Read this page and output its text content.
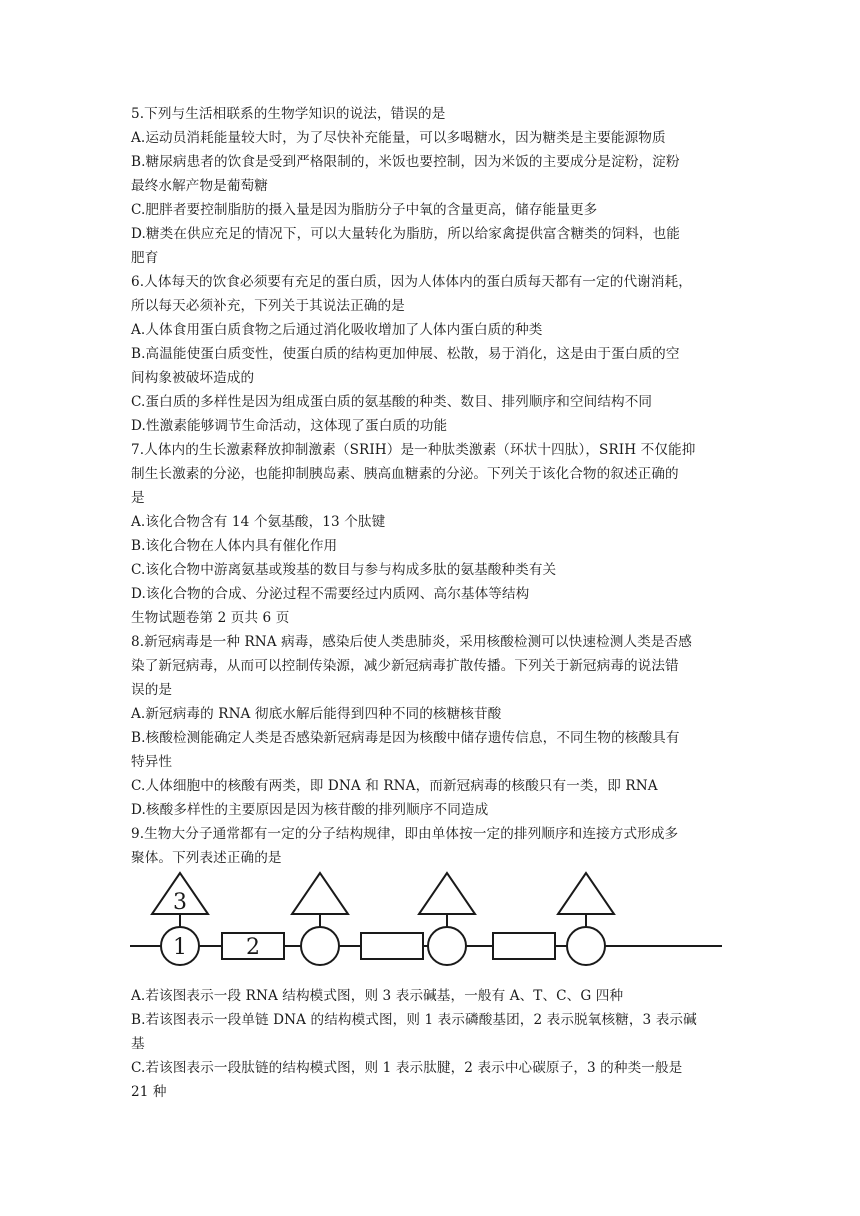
5.下列与生活相联系的生物学知识的说法，错误的是
A.运动员消耗能量较大时，为了尽快补充能量，可以多喝糖水，因为糖类是主要能源物质
B.糖尿病患者的饮食是受到严格限制的，米饭也要控制，因为米饭的主要成分是淀粉，淀粉
最终水解产物是葡萄糖
C.肥胖者要控制脂肪的摄入量是因为脂肪分子中氧的含量更高，储存能量更多
D.糖类在供应充足的情况下，可以大量转化为脂肪，所以给家禽提供富含糖类的饲料，也能
肥育
6.人体每天的饮食必须要有充足的蛋白质，因为人体体内的蛋白质每天都有一定的代谢消耗，
所以每天必须补充，下列关于其说法正确的是
A.人体食用蛋白质食物之后通过消化吸收增加了人体内蛋白质的种类
B.高温能使蛋白质变性，使蛋白质的结构更加伸展、松散，易于消化，这是由于蛋白质的空
间构象被破坏造成的
C.蛋白质的多样性是因为组成蛋白质的氨基酸的种类、数目、排列顺序和空间结构不同
D.性激素能够调节生命活动，这体现了蛋白质的功能
7.人体内的生长激素释放抑制激素（SRIH）是一种肽类激素（环状十四肽），SRIH 不仅能抑
制生长激素的分泌，也能抑制胰岛素、胰高血糖素的分泌。下列关于该化合物的叙述正确的
是
A.该化合物含有 14 个氨基酸，13 个肽键
B.该化合物在人体内具有催化作用
C.该化合物中游离氨基或羧基的数目与参与构成多肽的氨基酸种类有关
D.该化合物的合成、分泌过程不需要经过内质网、高尔基体等结构
生物试题卷第 2 页共 6 页
8.新冠病毒是一种 RNA 病毒，感染后使人类患肺炎，采用核酸检测可以快速检测人类是否感
染了新冠病毒，从而可以控制传染源，减少新冠病毒扩散传播。下列关于新冠病毒的说法错
误的是
A.新冠病毒的 RNA 彻底水解后能得到四种不同的核糖核苷酸
B.核酸检测能确定人类是否感染新冠病毒是因为核酸中储存遗传信息，不同生物的核酸具有
特异性
C.人体细胞中的核酸有两类，即 DNA 和 RNA，而新冠病毒的核酸只有一类，即 RNA
D.核酸多样性的主要原因是因为核苷酸的排列顺序不同造成
9.生物大分子通常都有一定的分子结构规律，即由单体按一定的排列顺序和连接方式形成多
聚体。下列表述正确的是
3
1	2
A.若该图表示一段 RNA 结构模式图，则 3 表示碱基，一般有 A、T、C、G 四种
B.若该图表示一段单链 DNA 的结构模式图，则 1 表示磷酸基团，2 表示脱氧核糖，3 表示碱
基
C.若该图表示一段肽链的结构模式图，则 1 表示肽腱，2 表示中心碳原子，3 的种类一般是
21 种
